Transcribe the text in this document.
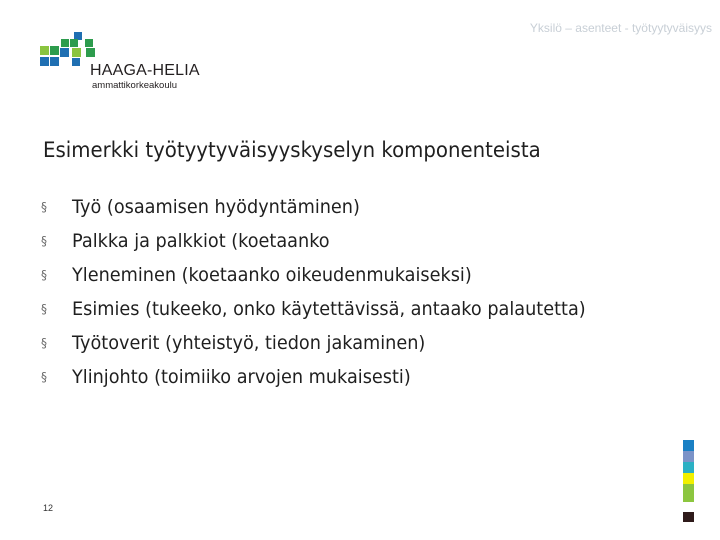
Yksilö – asenteet - työtyytyväisyys
HAAGA-HELIA
ammattikorkeakoulu
Esimerkki työtyytyväisyyskyselyn komponenteista
§ Työ (osaamisen hyödyntäminen)
§ Palkka ja palkkiot (koetaanko
§ Yleneminen (koetaanko oikeudenmukaiseksi)
§ Esimies (tukeeko, onko käytettävissä, antaako palautetta)
§ Työtoverit (yhteistyö, tiedon jakaminen)
§ Ylinjohto (toimiiko arvojen mukaisesti)
12
